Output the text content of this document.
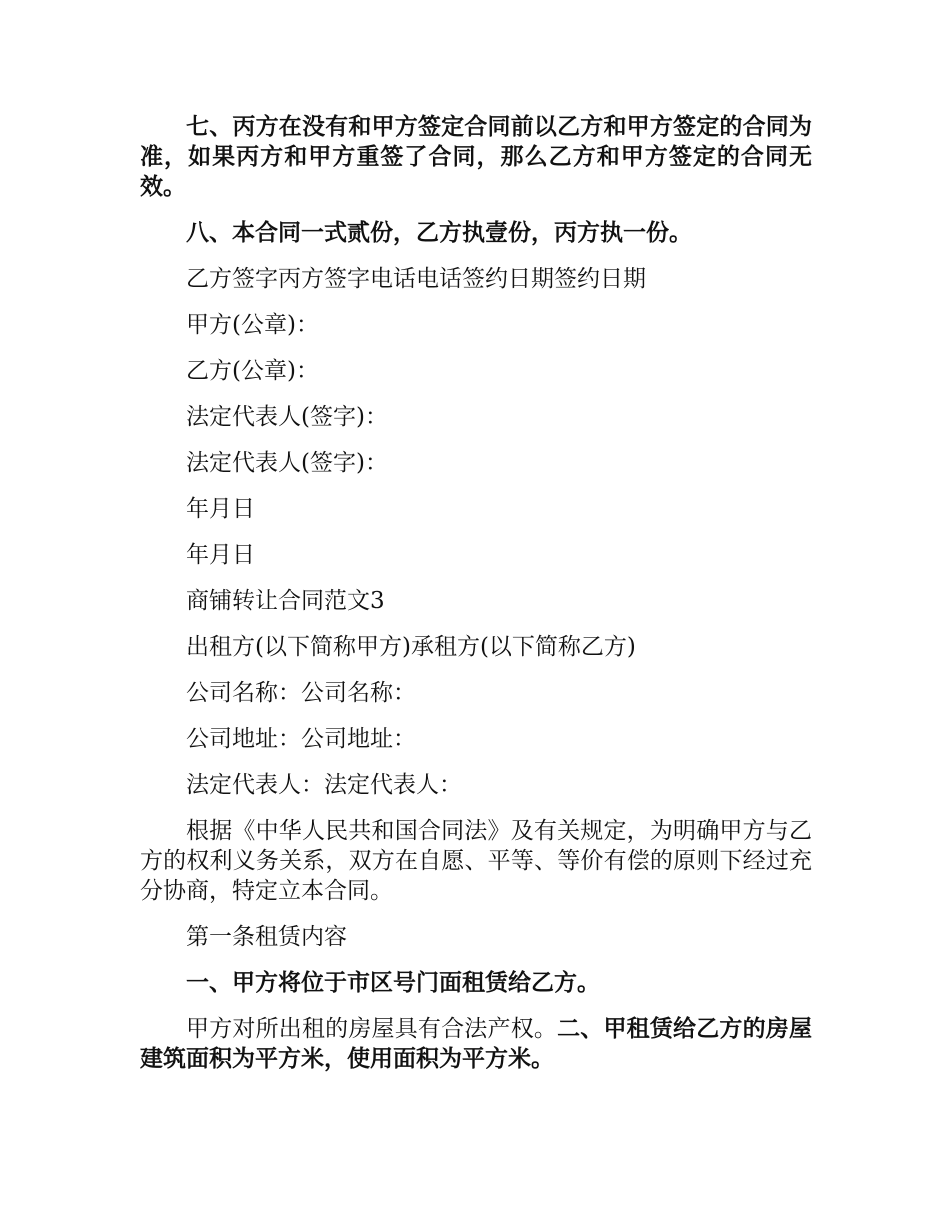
七、丙方在没有和甲方签定合同前以乙方和甲方签定的合同为准，如果丙方和甲方重签了合同，那么乙方和甲方签定的合同无效。

八、本合同一式贰份，乙方执壹份，丙方执一份。

乙方签字丙方签字电话电话签约日期签约日期

甲方(公章)：

乙方(公章)：

法定代表人(签字)：

法定代表人(签字)：

年月日

年月日

商铺转让合同范文3

出租方(以下简称甲方)承租方(以下简称乙方)

公司名称：公司名称：

公司地址：公司地址：

法定代表人：法定代表人：

根据《中华人民共和国合同法》及有关规定，为明确甲方与乙方的权利义务关系，双方在自愿、平等、等价有偿的原则下经过充分协商，特定立本合同。

第一条租赁内容

一、甲方将位于市区号门面租赁给乙方。

甲方对所出租的房屋具有合法产权。二、甲租赁给乙方的房屋建筑面积为平方米，使用面积为平方米。
